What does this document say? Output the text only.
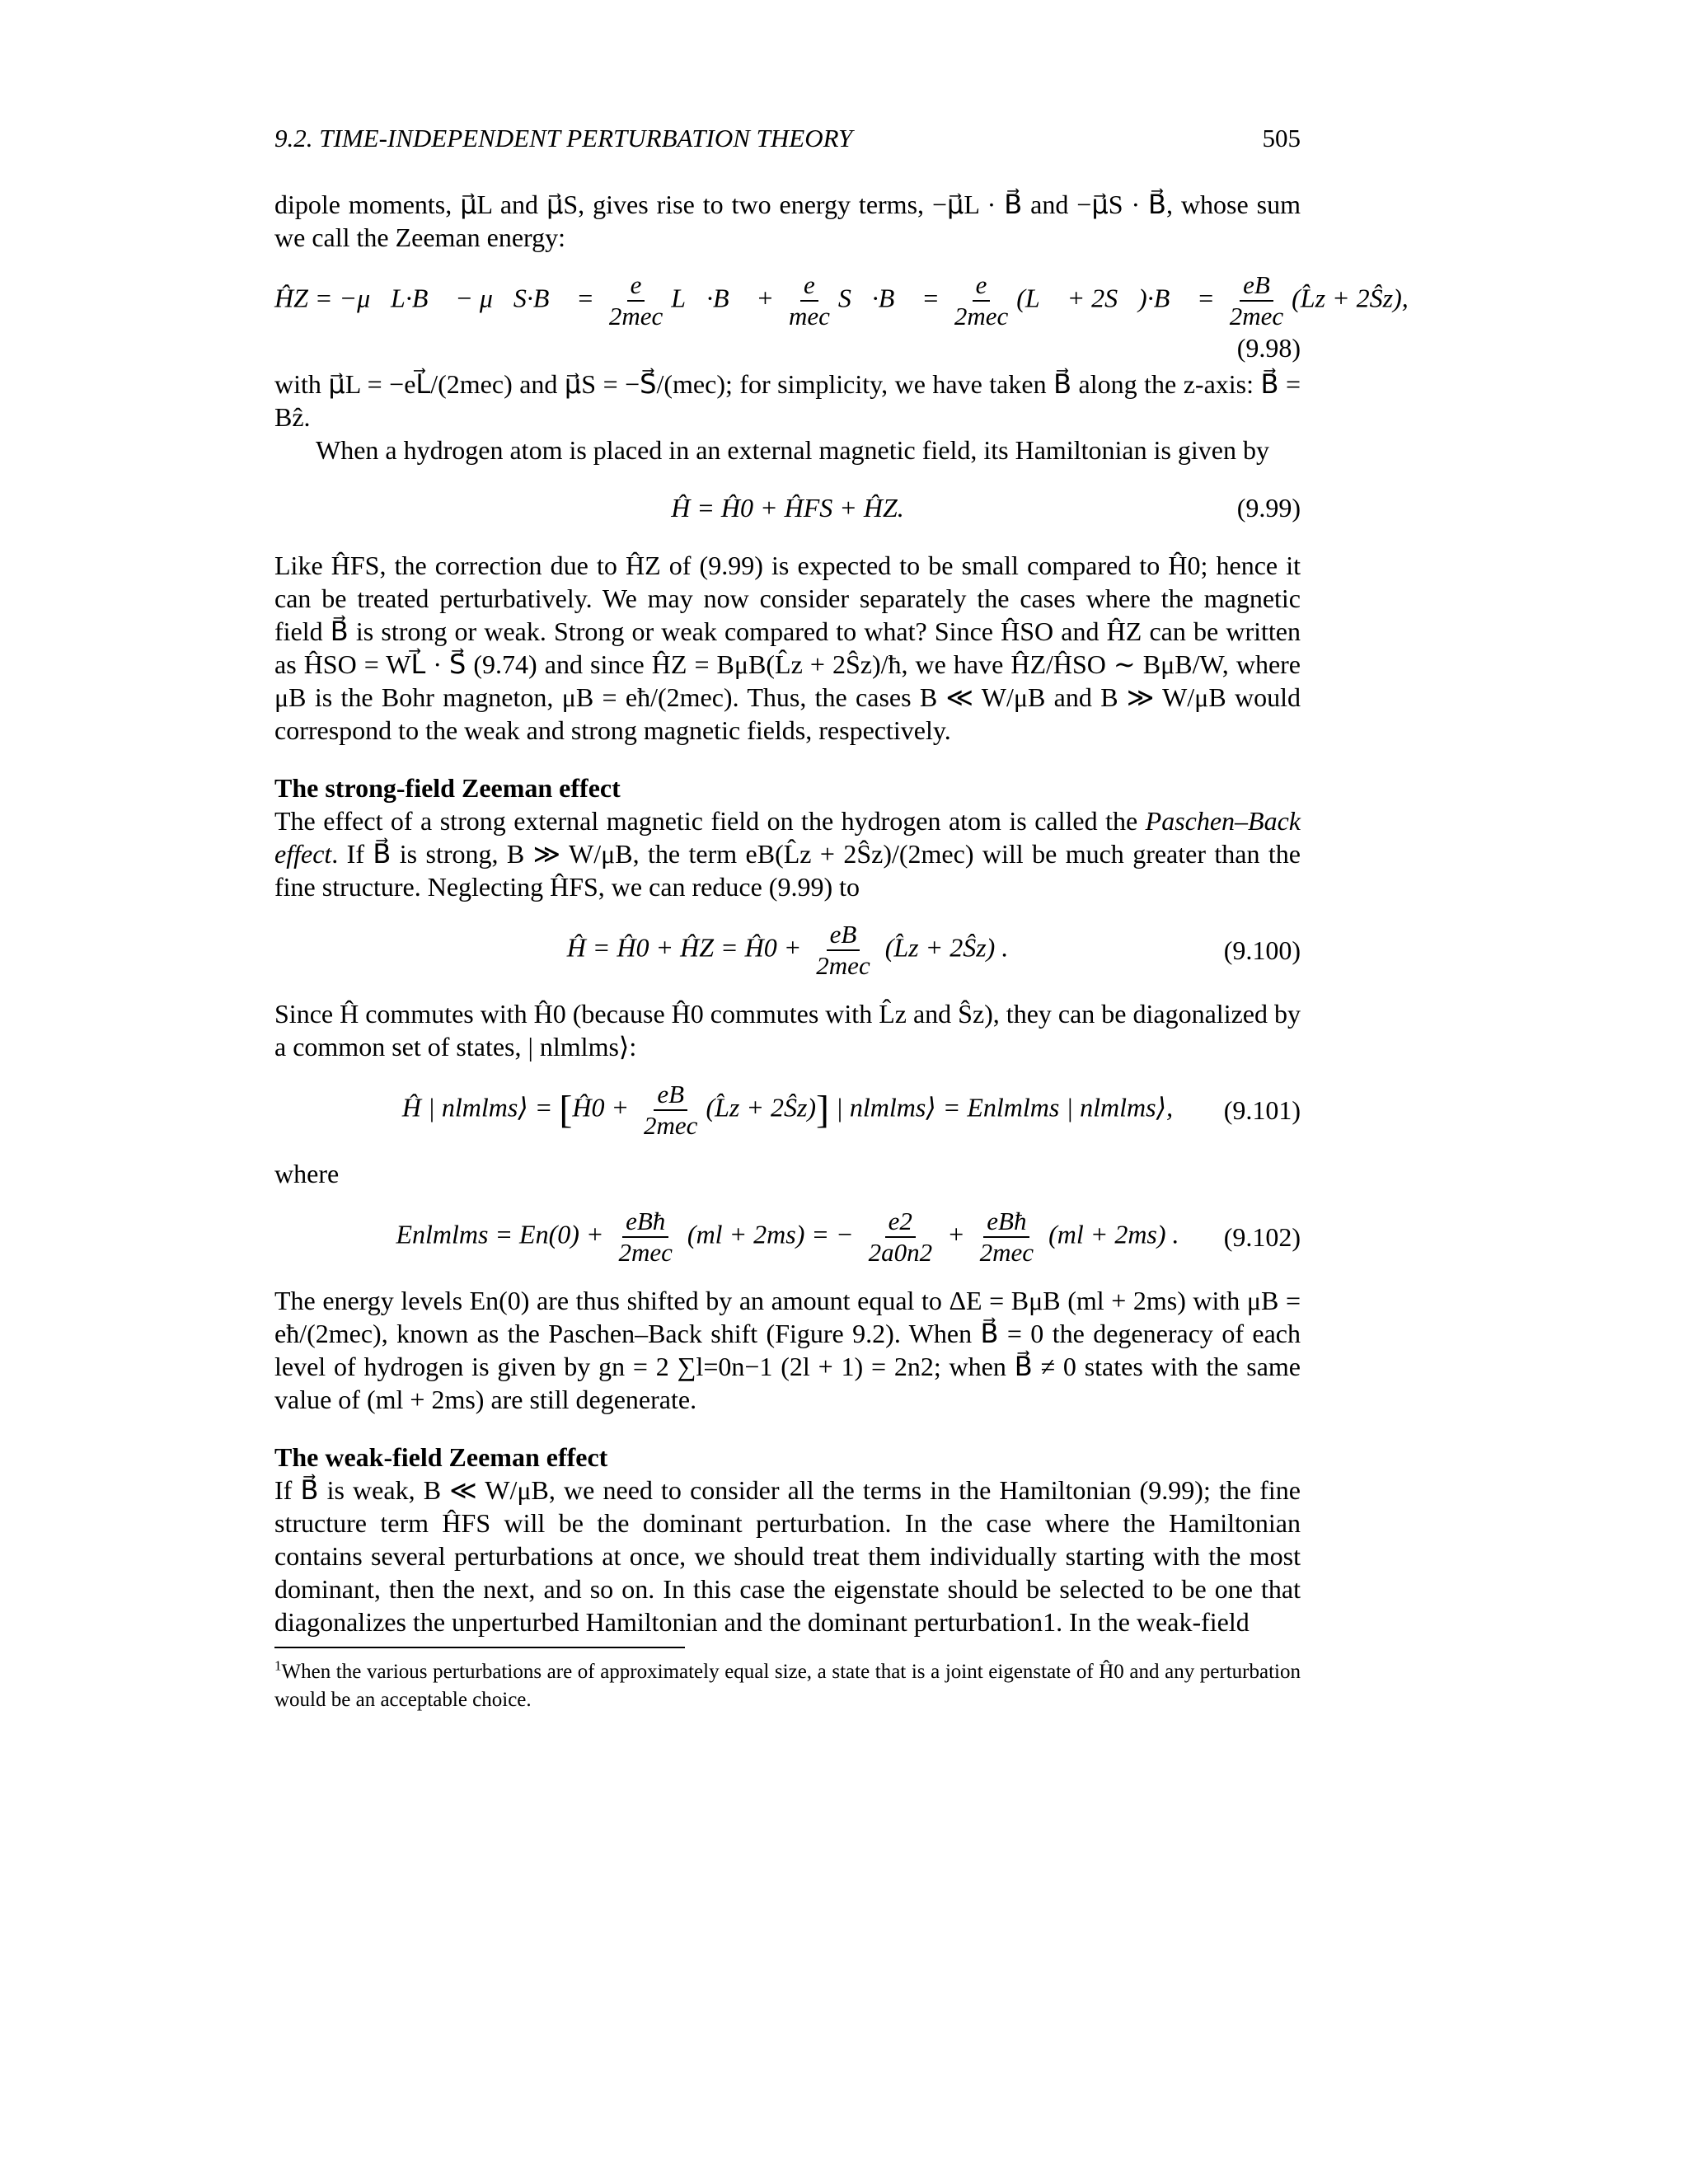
9.2. TIME-INDEPENDENT PERTURBATION THEORY	505

dipole moments, μ⃗L and μ⃗S, gives rise to two energy terms, −μ⃗L · B⃗ and −μ⃗S · B⃗, whose sum we call the Zeeman energy:

ĤZ = −μ⃗L·B⃗ − μ⃗S·B⃗ = $\frac{e}{\text{2mec}}$ L⃗·B⃗ + $\frac{e}{\text{mec}}$ S⃗·B⃗ = $\frac{e}{\text{2mec}}$ (L⃗ + 2S⃗)·B⃗ = $\frac{eB}{\text{2mec}}$ (L̂z + 2Ŝz),
(9.98)

with μ⃗L = −eL⃗/(2mec) and μ⃗S = −S⃗/(mec); for simplicity, we have taken B⃗ along the z-axis: B⃗ = Bẑ.

When a hydrogen atom is placed in an external magnetic field, its Hamiltonian is given by

Ĥ = Ĥ0 + ĤFS + ĤZ.	(9.99)

Like ĤFS, the correction due to ĤZ of (9.99) is expected to be small compared to Ĥ0; hence it can be treated perturbatively. We may now consider separately the cases where the magnetic field B⃗ is strong or weak. Strong or weak compared to what? Since ĤSO and ĤZ can be written as ĤSO = WL⃗ · S⃗ (9.74) and since ĤZ = BμB(L̂z + 2Ŝz)/ħ, we have ĤZ/ĤSO ∼ BμB/W, where μB is the Bohr magneton, μB = eħ/(2mec). Thus, the cases B ≪ W/μB and B ≫ W/μB would correspond to the weak and strong magnetic fields, respectively.

The strong-field Zeeman effect

The effect of a strong external magnetic field on the hydrogen atom is called the Paschen–Back effect. If B⃗ is strong, B ≫ W/μB, the term eB(L̂z + 2Ŝz)/(2mec) will be much greater than the fine structure. Neglecting ĤFS, we can reduce (9.99) to

Ĥ = Ĥ0 + ĤZ = Ĥ0 + $\frac{eB}{\text{2mec}}$ (L̂z + 2Ŝz) .	(9.100)

Since Ĥ commutes with Ĥ0 (because Ĥ0 commutes with L̂z and Ŝz), they can be diagonalized by a common set of states, | nlmlms⟩:

Ĥ | nlmlms⟩ = [Ĥ0 + $\frac{eB}{\text{2mec}}$ (L̂z + 2Ŝz)] | nlmlms⟩ = Enlmlms | nlmlms⟩, (9.101)

where

Enlmlms = $En(0) + \frac{\text{eBħ}}{\text{2mec}} (ml + 2ms)$ = − $\frac{e2}{2a0n2} + \frac{\text{eBħ}}{\text{2mec}} (ml + 2ms)$ . (9.102)

The energy levels En(0) are thus shifted by an amount equal to ΔE = BμB (ml + 2ms) with μB = eħ/(2mec), known as the Paschen–Back shift (Figure 9.2). When B⃗ = 0 the degeneracy of each level of hydrogen is given by gn = 2 ∑l=0n−1 (2l + 1) = 2n2; when B⃗ ≠ 0 states with the same value of (ml + 2ms) are still degenerate.

The weak-field Zeeman effect

If B⃗ is weak, B ≪ W/μB, we need to consider all the terms in the Hamiltonian (9.99); the fine structure term ĤFS will be the dominant perturbation. In the case where the Hamiltonian contains several perturbations at once, we should treat them individually starting with the most dominant, then the next, and so on. In this case the eigenstate should be selected to be one that diagonalizes the unperturbed Hamiltonian and the dominant perturbation1. In the weak-field

$^1$When the various perturbations are of approximately equal size, a state that is a joint eigenstate of Ĥ0 and any perturbation would be an acceptable choice.
